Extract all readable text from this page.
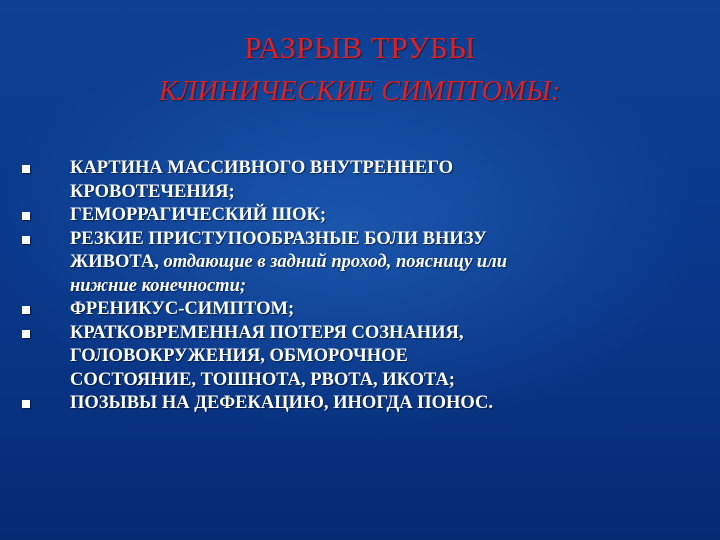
РАЗРЫВ ТРУБЫ
КЛИНИЧЕСКИЕ СИМПТОМЫ:
КАРТИНА МАССИВНОГО ВНУТРЕННЕГО
КРОВОТЕЧЕНИЯ;
ГЕМОРРАГИЧЕСКИЙ ШОК;
РЕЗКИЕ ПРИСТУПООБРАЗНЫЕ БОЛИ ВНИЗУ
ЖИВОТА, отдающие в задний проход, поясницу или
нижние конечности;
ФРЕНИКУС-СИМПТОМ;
КРАТКОВРЕМЕННАЯ ПОТЕРЯ СОЗНАНИЯ,
ГОЛОВОКРУЖЕНИЯ, ОБМОРОЧНОЕ
СОСТОЯНИЕ, ТОШНОТА, РВОТА, ИКОТА;
ПОЗЫВЫ НА ДЕФЕКАЦИЮ, ИНОГДА ПОНОС.
